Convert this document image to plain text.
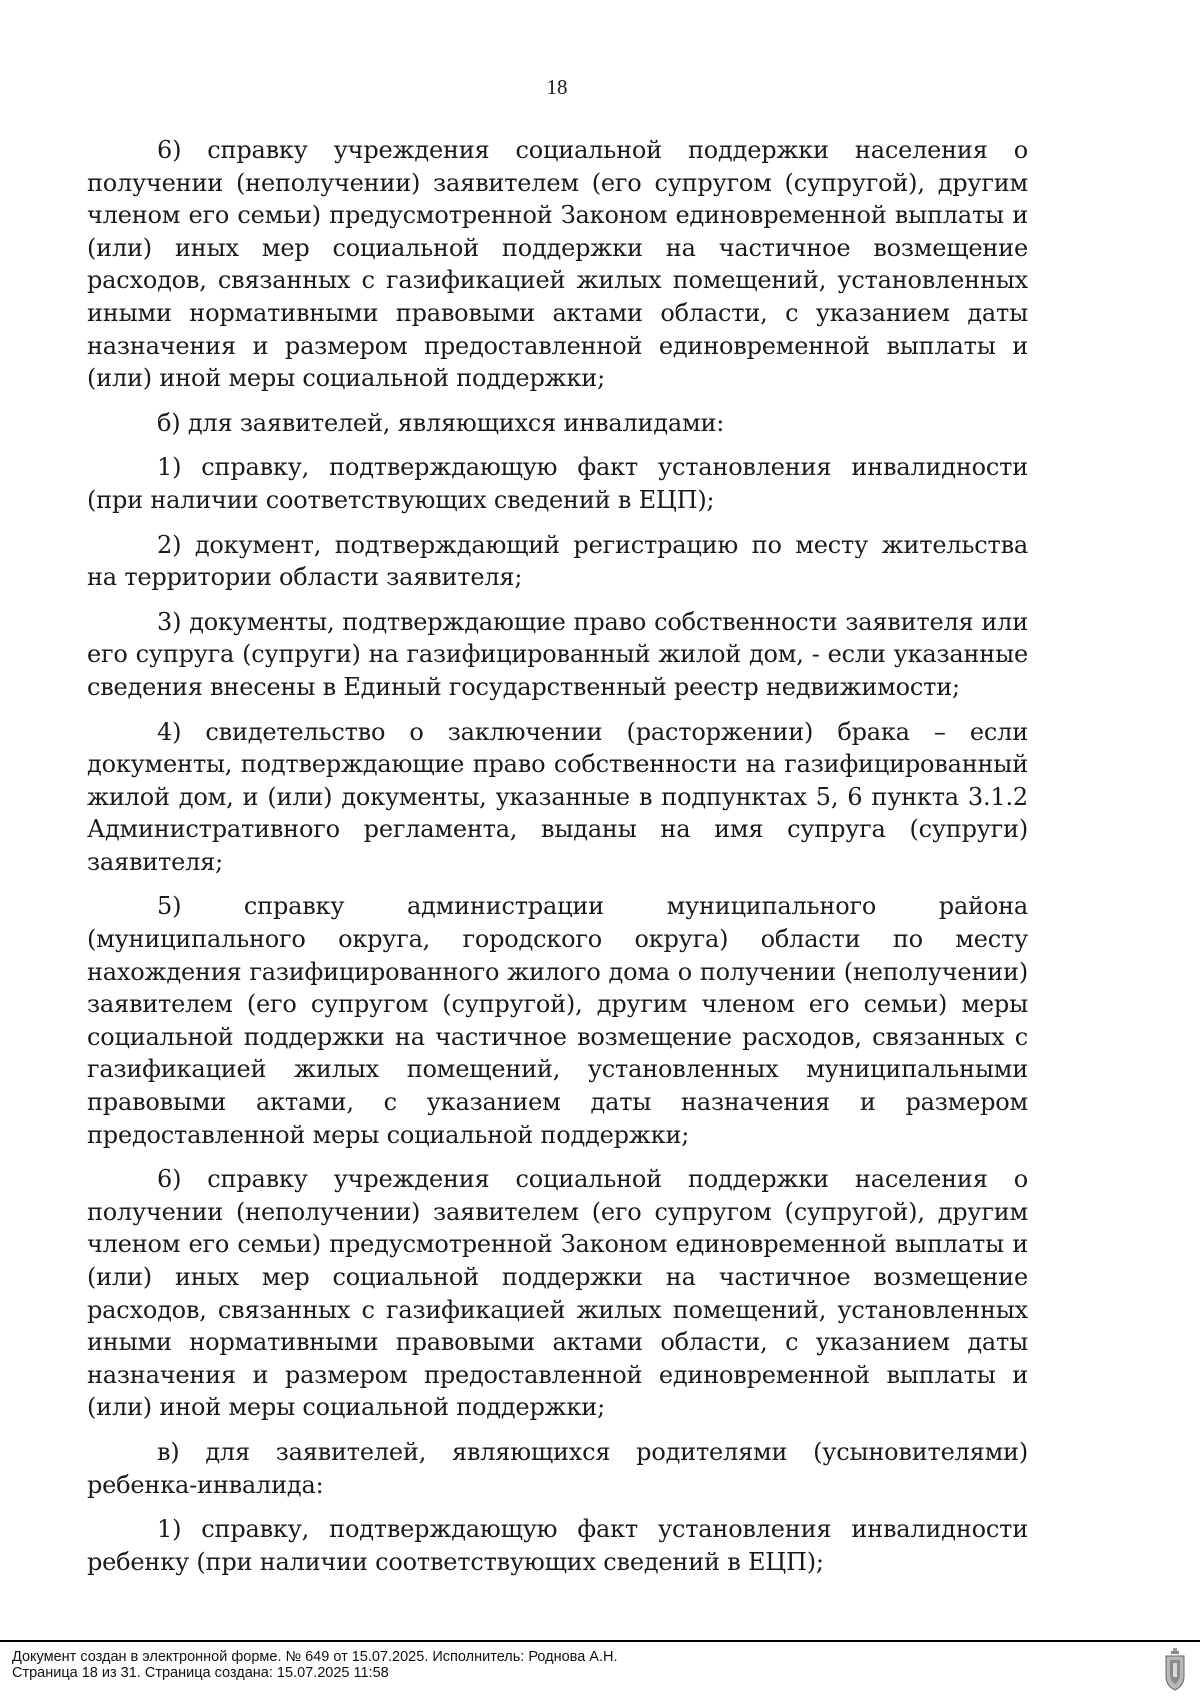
18

6) справку учреждения социальной поддержки населения о получении (неполучении) заявителем (его супругом (супругой), другим членом его семьи) предусмотренной Законом единовременной выплаты и (или) иных мер социальной поддержки на частичное возмещение расходов, связанных с газификацией жилых помещений, установленных иными нормативными правовыми актами области, с указанием даты назначения и размером предоставленной единовременной выплаты и (или) иной меры социальной поддержки;

б) для заявителей, являющихся инвалидами:

1) справку, подтверждающую факт установления инвалидности (при наличии соответствующих сведений в ЕЦП);

2) документ, подтверждающий регистрацию по месту жительства на территории области заявителя;

3) документы, подтверждающие право собственности заявителя или его супруга (супруги) на газифицированный жилой дом, - если указанные сведения внесены в Единый государственный реестр недвижимости;

4) свидетельство о заключении (расторжении) брака – если документы, подтверждающие право собственности на газифицированный жилой дом, и (или) документы, указанные в подпунктах 5, 6 пункта 3.1.2 Административного регламента, выданы на имя супруга (супруги) заявителя;

5) справку администрации муниципального района (муниципального округа, городского округа) области по месту нахождения газифицированного жилого дома о получении (неполучении) заявителем (его супругом (супругой), другим членом его семьи) меры социальной поддержки на частичное возмещение расходов, связанных с газификацией жилых помещений, установленных муниципальными правовыми актами, с указанием даты назначения и размером предоставленной меры социальной поддержки;

6) справку учреждения социальной поддержки населения о получении (неполучении) заявителем (его супругом (супругой), другим членом его семьи) предусмотренной Законом единовременной выплаты и (или) иных мер социальной поддержки на частичное возмещение расходов, связанных с газификацией жилых помещений, установленных иными нормативными правовыми актами области, с указанием даты назначения и размером предоставленной единовременной выплаты и (или) иной меры социальной поддержки;

в) для заявителей, являющихся родителями (усыновителями) ребенка-инвалида:

1) справку, подтверждающую факт установления инвалидности ребенку (при наличии соответствующих сведений в ЕЦП);

Документ создан в электронной форме. № 649 от 15.07.2025. Исполнитель: Роднова А.Н.
Страница 18 из 31. Страница создана: 15.07.2025 11:58
